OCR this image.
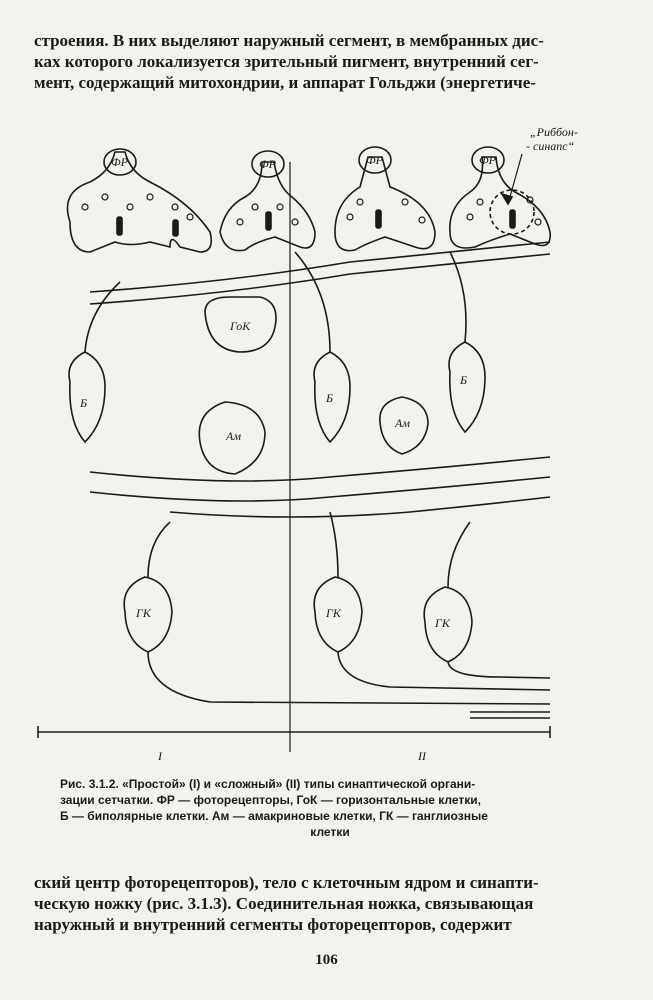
строения. В них выделяют наружный сегмент, в мембранных дис-
ках которого локализуется зрительный пигмент, внутренний сег-
мент, содержащий митохондрии, и аппарат Гольджи (энергетиче-
ГоК
Б	Б
Б
Ам
Ам
ГК	ГК
ГК
ФР	ФР	ФР	ФР
„Риббон-
- синапс“
I	II
Рис. 3.1.2. «Простой» (I) и «сложный» (II) типы синаптической органи-
зации сетчатки. ФР — фоторецепторы, ГоК — горизонтальные клетки,
Б — биполярные клетки. Ам — амакриновые клетки, ГК — ганглиозные
клетки
ский центр фоторецепторов), тело с клеточным ядром и синапти-
ческую ножку (рис. 3.1.3). Соединительная ножка, связывающая
наружный и внутренний сегменты фоторецепторов, содержит
106
